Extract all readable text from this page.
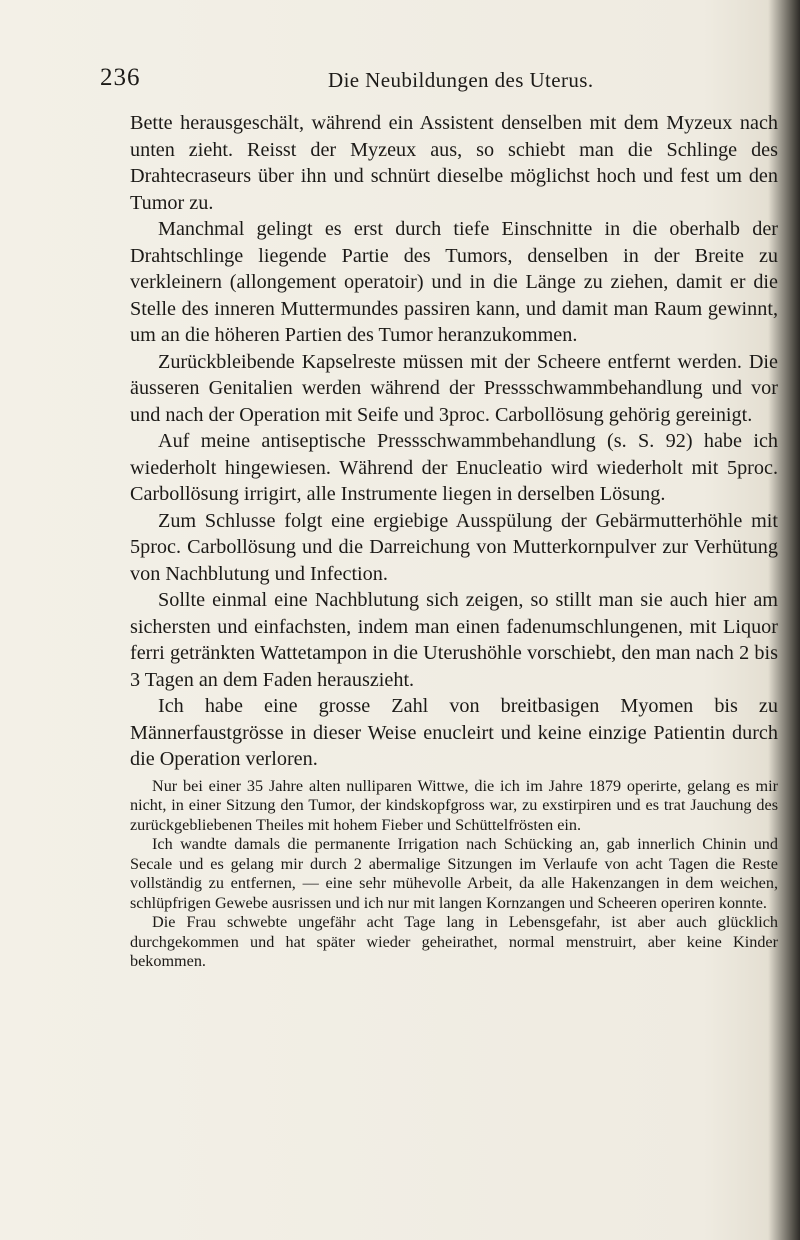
236	Die Neubildungen des Uterus.

Bette herausgeschält, während ein Assistent denselben mit dem Myzeux nach unten zieht. Reisst der Myzeux aus, so schiebt man die Schlinge des Drahtecraseurs über ihn und schnürt dieselbe möglichst hoch und fest um den Tumor zu.

Manchmal gelingt es erst durch tiefe Einschnitte in die oberhalb der Drahtschlinge liegende Partie des Tumors, denselben in der Breite zu verkleinern (allongement operatoir) und in die Länge zu ziehen, damit er die Stelle des inneren Muttermundes passiren kann, und damit man Raum gewinnt, um an die höheren Partien des Tumor heranzukommen.

Zurückbleibende Kapselreste müssen mit der Scheere entfernt werden. Die äusseren Genitalien werden während der Pressschwammbehandlung und vor und nach der Operation mit Seife und 3proc. Carbollösung gehörig gereinigt.

Auf meine antiseptische Pressschwammbehandlung (s. S. 92) habe ich wiederholt hingewiesen. Während der Enucleatio wird wiederholt mit 5proc. Carbollösung irrigirt, alle Instrumente liegen in derselben Lösung.

Zum Schlusse folgt eine ergiebige Ausspülung der Gebärmutterhöhle mit 5proc. Carbollösung und die Darreichung von Mutterkornpulver zur Verhütung von Nachblutung und Infection.

Sollte einmal eine Nachblutung sich zeigen, so stillt man sie auch hier am sichersten und einfachsten, indem man einen fadenumschlungenen, mit Liquor ferri getränkten Wattetampon in die Uterushöhle vorschiebt, den man nach 2 bis 3 Tagen an dem Faden herauszieht.

Ich habe eine grosse Zahl von breitbasigen Myomen bis zu Männerfaustgrösse in dieser Weise enucleirt und keine einzige Patientin durch die Operation verloren.

Nur bei einer 35 Jahre alten nulliparen Wittwe, die ich im Jahre 1879 operirte, gelang es mir nicht, in einer Sitzung den Tumor, der kindskopfgross war, zu exstirpiren und es trat Jauchung des zurückgebliebenen Theiles mit hohem Fieber und Schüttelfrösten ein.

Ich wandte damals die permanente Irrigation nach Schücking an, gab innerlich Chinin und Secale und es gelang mir durch 2 abermalige Sitzungen im Verlaufe von acht Tagen die Reste vollständig zu entfernen, — eine sehr mühevolle Arbeit, da alle Hakenzangen in dem weichen, schlüpfrigen Gewebe ausrissen und ich nur mit langen Kornzangen und Scheeren operiren konnte.

Die Frau schwebte ungefähr acht Tage lang in Lebensgefahr, ist aber auch glücklich durchgekommen und hat später wieder geheirathet, normal menstruirt, aber keine Kinder bekommen.
